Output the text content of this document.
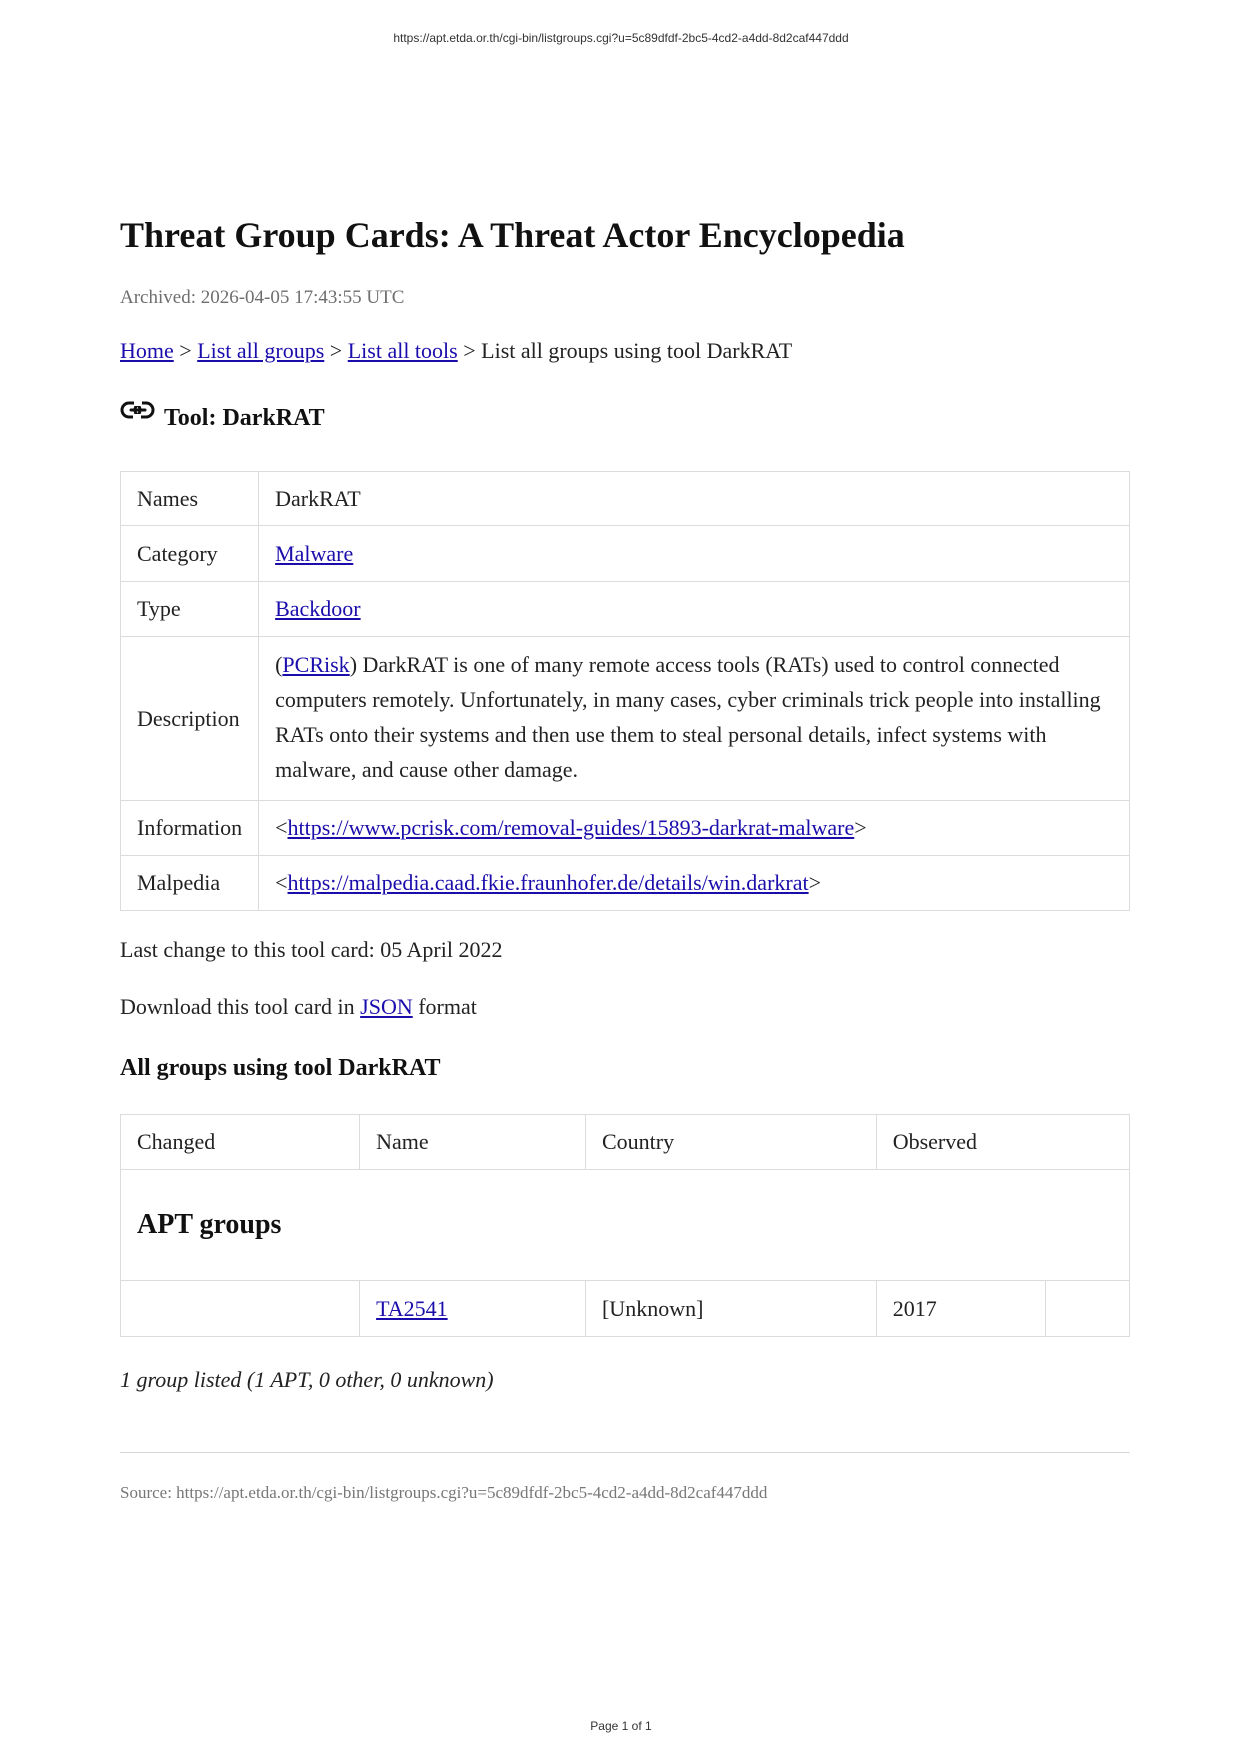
https://apt.etda.or.th/cgi-bin/listgroups.cgi?u=5c89dfdf-2bc5-4cd2-a4dd-8d2caf447ddd
Threat Group Cards: A Threat Actor Encyclopedia
Archived: 2026-04-05 17:43:55 UTC
Home > List all groups > List all tools > List all groups using tool DarkRAT
Tool: DarkRAT
Names	DarkRAT
Category	Malware
Type	Backdoor
Description	(PCRisk) DarkRAT is one of many remote access tools (RATs) used to control connected computers remotely. Unfortunately, in many cases, cyber criminals trick people into installing RATs onto their systems and then use them to steal personal details, infect systems with malware, and cause other damage.
Information	<https://www.pcrisk.com/removal-guides/15893-darkrat-malware>
Malpedia	<https://malpedia.caad.fkie.fraunhofer.de/details/win.darkrat>
Last change to this tool card: 05 April 2022
Download this tool card in JSON format
All groups using tool DarkRAT
Changed	Name	Country	Observed	
APT groups				
	TA2541	[Unknown]	2017	
1 group listed (1 APT, 0 other, 0 unknown)
Source: https://apt.etda.or.th/cgi-bin/listgroups.cgi?u=5c89dfdf-2bc5-4cd2-a4dd-8d2caf447ddd
Page 1 of 1
